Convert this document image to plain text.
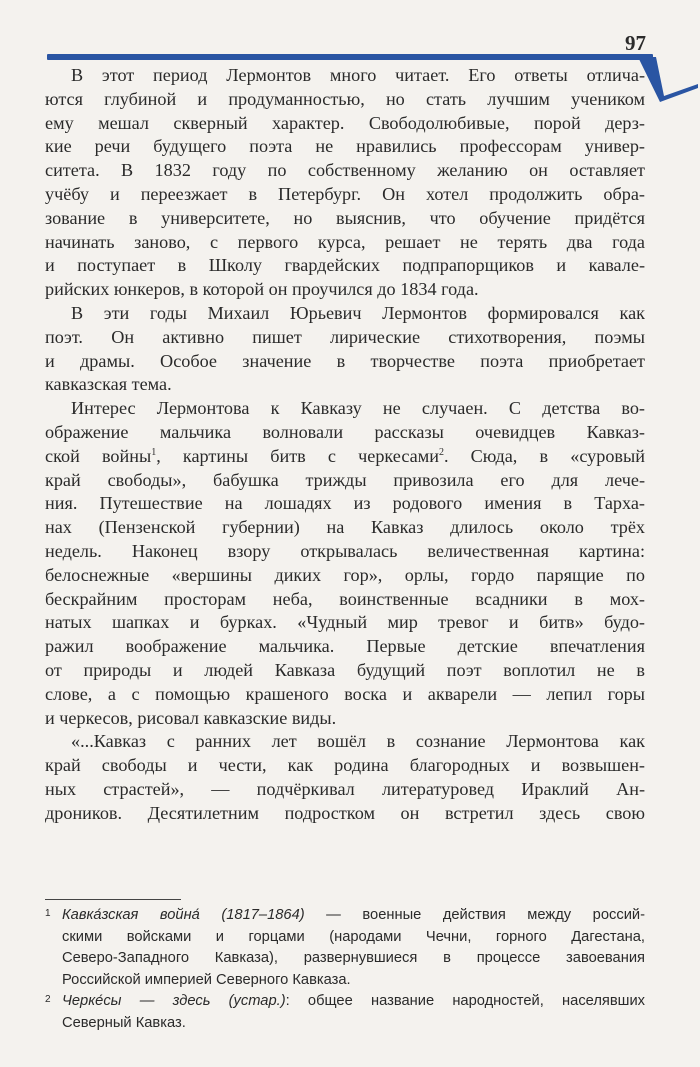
97
В этот период Лермонтов много читает. Его ответы отлича-
ются глубиной и продуманностью, но стать лучшим учеником
ему мешал скверный характер. Свободолюбивые, порой дерз-
кие речи будущего поэта не нравились профессорам универ-
ситета. В 1832 году по собственному желанию он оставляет
учёбу и переезжает в Петербург. Он хотел продолжить обра-
зование в университете, но выяснив, что обучение придётся
начинать заново, с первого курса, решает не терять два года
и поступает в Школу гвардейских подпрапорщиков и кавале-
рийских юнкеров, в которой он проучился до 1834 года.
В эти годы Михаил Юрьевич Лермонтов формировался как
поэт. Он активно пишет лирические стихотворения, поэмы
и драмы. Особое значение в творчестве поэта приобретает
кавказская тема.
Интерес Лермонтова к Кавказу не случаен. С детства во-
ображение мальчика волновали рассказы очевидцев Кавказ-
ской войны$^1$, картины битв с черкесами$^2$. Сюда, в «суровый
край свободы», бабушка трижды привозила его для лече-
ния. Путешествие на лошадях из родового имения в Тарха-
нах (Пензенской губернии) на Кавказ длилось около трёх
недель. Наконец взору открывалась величественная картина:
белоснежные «вершины диких гор», орлы, гордо парящие по
бескрайним просторам неба, воинственные всадники в мох-
натых шапках и бурках. «Чудный мир тревог и битв» будо-
ражил воображение мальчика. Первые детские впечатления
от природы и людей Кавказа будущий поэт воплотил не в
слове, а с помощью крашеного воска и акварели — лепил горы
и черкесов, рисовал кавказские виды.
«...Кавказ с ранних лет вошёл в сознание Лермонтова как
край свободы и чести, как родина благородных и возвышен-
ных страстей», — подчёркивал литературовед Ираклий Ан-
дроников. Десятилетним подростком он встретил здесь свою
1 Кавка́зская война́ (1817–1864) — военные действия между россий-
скими войсками и горцами (народами Чечни, горного Дагестана,
Северо-Западного Кавказа), развернувшиеся в процессе завоевания
Российской империей Северного Кавказа.
2 Черке́сы — здесь (устар.): общее название народностей, населявших
Северный Кавказ.
